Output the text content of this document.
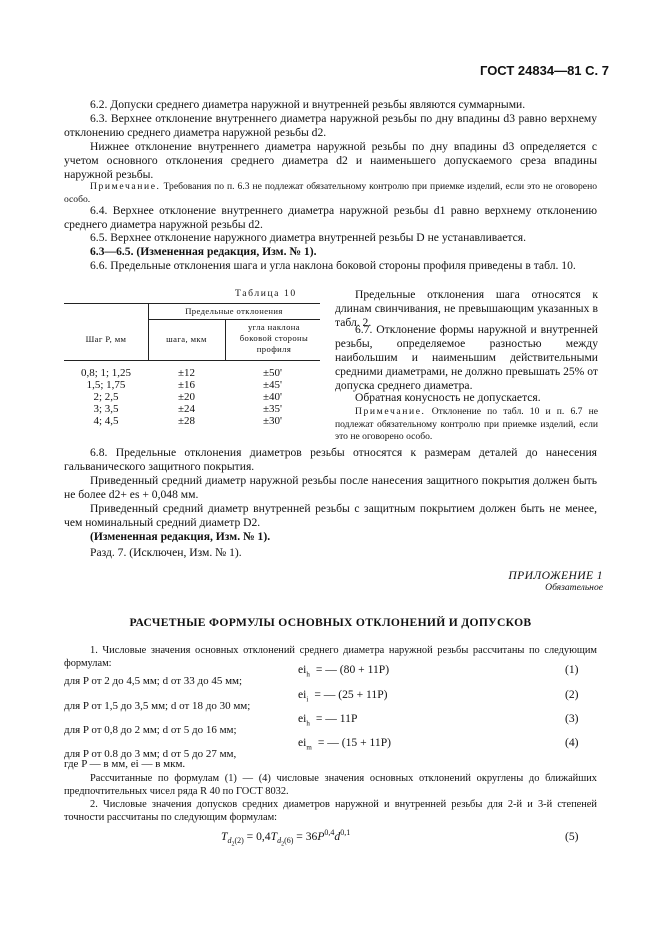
ГОСТ 24834—81 С. 7
6.2. Допуски среднего диаметра наружной и внутренней резьбы являются суммарными.
6.3. Верхнее отклонение внутреннего диаметра наружной резьбы по дну впадины d3 равно верхнему отклонению среднего диаметра наружной резьбы d2.
Нижнее отклонение внутреннего диаметра наружной резьбы по дну впадины d3 определяется с учетом основного отклонения среднего диаметра d2 и наименьшего допускаемого среза впадины наружной резьбы.
Примечание. Требования по п. 6.3 не подлежат обязательному контролю при приемке изделий, если это не оговорено особо.
6.4. Верхнее отклонение внутреннего диаметра наружной резьбы d1 равно верхнему отклонению среднего диаметра наружной резьбы d2.
6.5. Верхнее отклонение наружного диаметра внутренней резьбы D не устанавливается.
6.3—6.5. (Измененная редакция, Изм. № 1).
6.6. Предельные отклонения шага и угла наклона боковой стороны профиля приведены в табл. 10.
Таблица 10
Предельные отклонения
Шаг P, мм	шага, мкм
угла наклона боковой стороны профиля
0,8; 1; 1,25	±12	±50'
1,5; 1,75	±16	±45'
2; 2,5	±20	±40'
3; 3,5	±24	±35'
4; 4,5	±28	±30'
Предельные отклонения шага относятся к длинам свинчивания, не превышающим указанных в табл. 2.
6.7. Отклонение формы наружной и внутренней резьбы, определяемое разностью между наибольшим и наименьшим действительными средними диаметрами, не должно превышать 25% от допуска среднего диаметра.
Обратная конусность не допускается.
Примечание. Отклонение по табл. 10 и п. 6.7 не подлежат обязательному контролю при приемке изделий, если это не оговорено особо.
6.8. Предельные отклонения диаметров резьбы относятся к размерам деталей до нанесения гальванического защитного покрытия.
Приведенный средний диаметр наружной резьбы после нанесения защитного покрытия должен быть не более d2+ es + 0,048 мм.
Приведенный средний диаметр внутренней резьбы с защитным покрытием должен быть не менее, чем номинальный средний диаметр D2.
(Измененная редакция, Изм. № 1).
Разд. 7. (Исключен, Изм. № 1).
ПРИЛОЖЕНИЕ 1
Обязательное
РАСЧЕТНЫЕ ФОРМУЛЫ ОСНОВНЫХ ОТКЛОНЕНИЙ И ДОПУСКОВ
1. Числовые значения основных отклонений среднего диаметра наружной резьбы рассчитаны по следующим формулам:	$ei_h$ = — (80 + 11P)	(1)
для P от 2 до 4,5 мм; d от 33 до 45 мм;
$ei_i$ = — (25 + 11P)	(2)
для P от 1,5 до 3,5 мм; d от 18 до 30 мм;
$ei_h$ = — 11P	(3)
для P от 0,8 до 2 мм; d от 5 до 16 мм;
$ei_m$ = — (15 + 11P)	(4)
для P от 0.8 до 3 мм; d от 5 до 27 мм,
где P — в мм, ei — в мкм.
Рассчитанные по формулам (1) — (4) числовые значения основных отклонений округлены до ближайших предпочтительных чисел ряда R 40 по ГОСТ 8032.
2. Числовые значения допусков средних диаметров наружной и внутренней резьбы для 2-й и 3-й степеней точности рассчитаны по следующим формулам:
$T_{d_2(2)} = 0,4T_{d_2(6)} = 36P^{0,4}d^{0,1}$	(5)
